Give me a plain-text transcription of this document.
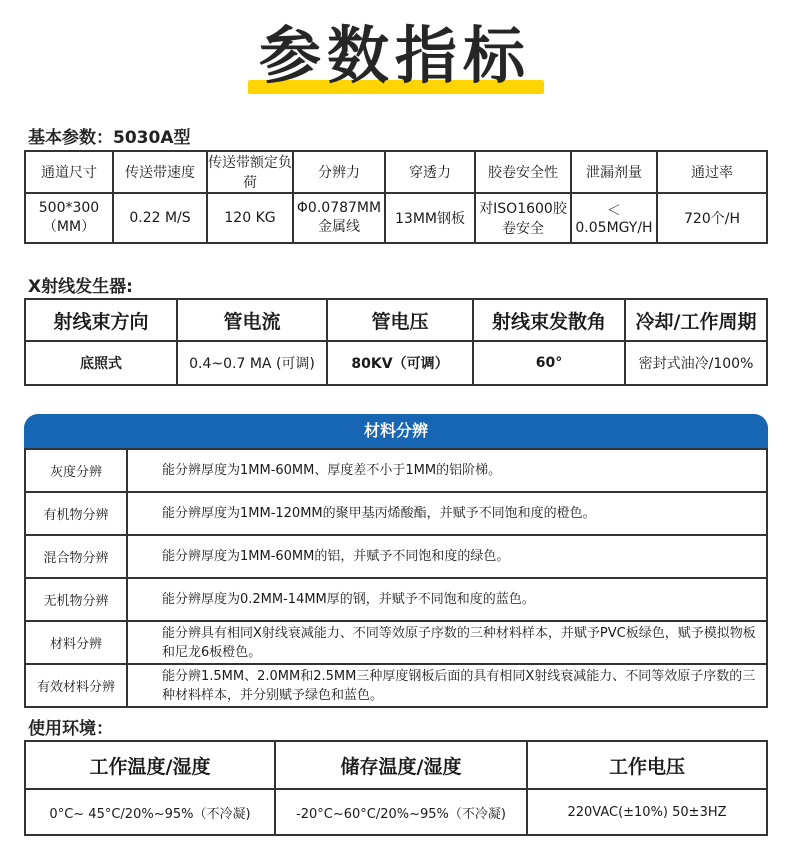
参数指标
基本参数：5030A型
通道尺寸	传送带速度	传送带额定负荷	分辨力	穿透力	胶卷安全性	泄漏剂量	通过率
500*300（MM）	0.22 M/S	120 KG	Φ0.0787MM金属线	13MM钢板	对ISO1600胶卷安全	＜0.05MGY/H	720个/H
X射线发生器:
射线束方向	管电流	管电压	射线束发散角	冷却/工作周期
底照式	0.4~0.7 MA (可调)	80KV（可调）	60°	密封式油冷/100%
材料分辨
灰度分辨	能分辨厚度为1MM-60MM、厚度差不小于1MM的铝阶梯。
有机物分辨	能分辨厚度为1MM-120MM的聚甲基丙烯酸酯，并赋予不同饱和度的橙色。
混合物分辨	能分辨厚度为1MM-60MM的铝，并赋予不同饱和度的绿色。
无机物分辨	能分辨厚度为0.2MM-14MM厚的钢，并赋予不同饱和度的蓝色。
材料分辨	能分辨具有相同X射线衰减能力、不同等效原子序数的三种材料样本，并赋予PVC板绿色，赋予模拟物板和尼龙6板橙色。
有效材料分辨	能分辨1.5MM、2.0MM和2.5MM三种厚度钢板后面的具有相同X射线衰减能力、不同等效原子序数的三种材料样本，并分别赋予绿色和蓝色。
使用环境：
工作温度/湿度	储存温度/湿度	工作电压
0°C~ 45°C/20%~95%（不冷凝)	-20°C~60°C/20%~95%（不冷凝)	220VAC(±10%) 50±3HZ
